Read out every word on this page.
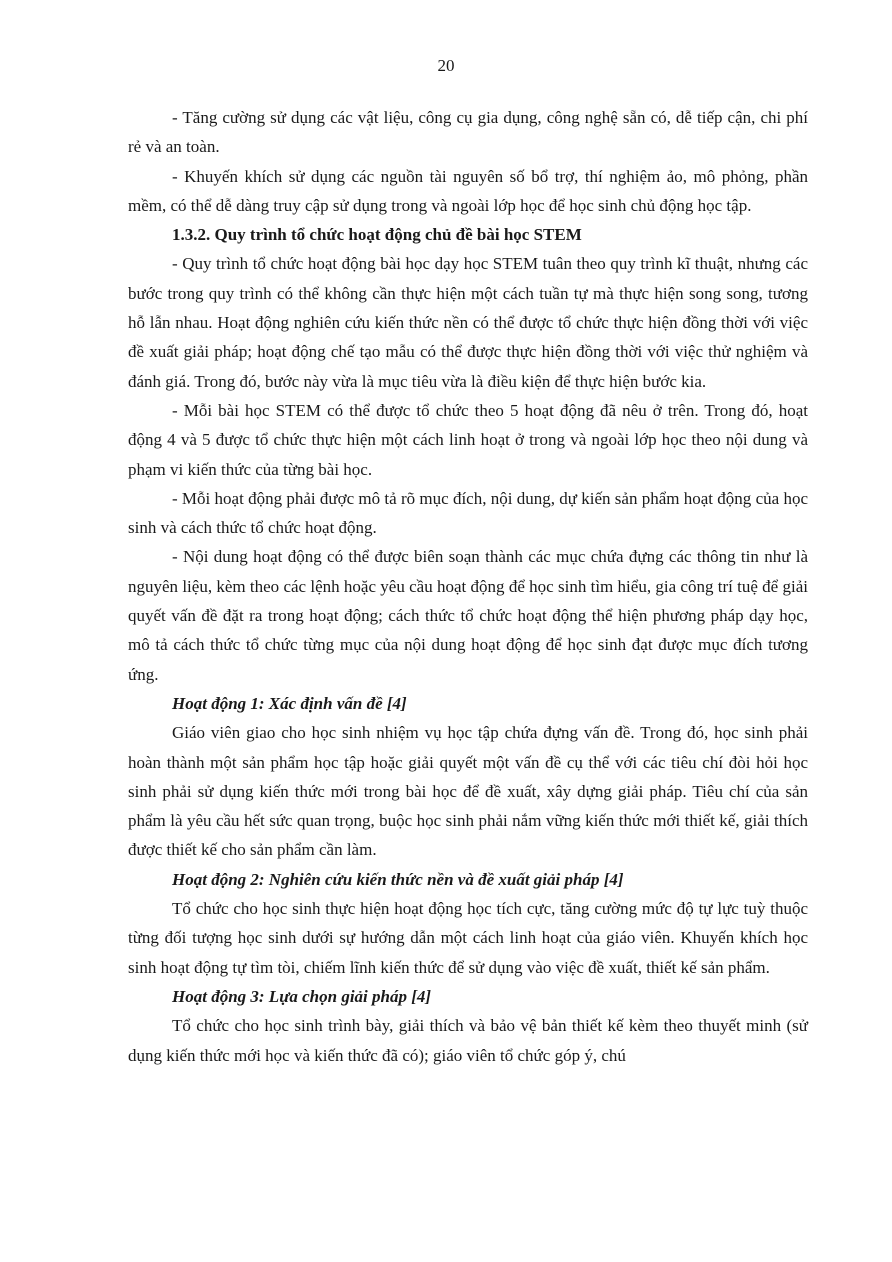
20

- Tăng cường sử dụng các vật liệu, công cụ gia dụng, công nghệ sẵn có, dễ tiếp cận, chi phí rẻ và an toàn.

- Khuyến khích sử dụng các nguồn tài nguyên số bổ trợ, thí nghiệm ảo, mô phỏng, phần mềm, có thể dễ dàng truy cập sử dụng trong và ngoài lớp học để học sinh chủ động học tập.

1.3.2. Quy trình tổ chức hoạt động chủ đề bài học STEM

- Quy trình tổ chức hoạt động bài học dạy học STEM tuân theo quy trình kĩ thuật, nhưng các bước trong quy trình có thể không cần thực hiện một cách tuần tự mà thực hiện song song, tương hỗ lẫn nhau. Hoạt động nghiên cứu kiến thức nền có thể được tổ chức thực hiện đồng thời với việc đề xuất giải pháp; hoạt động chế tạo mẫu có thể được thực hiện đồng thời với việc thử nghiệm và đánh giá. Trong đó, bước này vừa là mục tiêu vừa là điều kiện để thực hiện bước kia.

- Mỗi bài học STEM có thể được tổ chức theo 5 hoạt động đã nêu ở trên. Trong đó, hoạt động 4 và 5 được tổ chức thực hiện một cách linh hoạt ở trong và ngoài lớp học theo nội dung và phạm vi kiến thức của từng bài học.

- Mỗi hoạt động phải được mô tả rõ mục đích, nội dung, dự kiến sản phẩm hoạt động của học sinh và cách thức tổ chức hoạt động.

- Nội dung hoạt động có thể được biên soạn thành các mục chứa đựng các thông tin như là nguyên liệu, kèm theo các lệnh hoặc yêu cầu hoạt động để học sinh tìm hiểu, gia công trí tuệ để giải quyết vấn đề đặt ra trong hoạt động; cách thức tổ chức hoạt động thể hiện phương pháp dạy học, mô tả cách thức tổ chức từng mục của nội dung hoạt động để học sinh đạt được mục đích tương ứng.

Hoạt động 1: Xác định vấn đề [4]

Giáo viên giao cho học sinh nhiệm vụ học tập chứa đựng vấn đề. Trong đó, học sinh phải hoàn thành một sản phẩm học tập hoặc giải quyết một vấn đề cụ thể với các tiêu chí đòi hỏi học sinh phải sử dụng kiến thức mới trong bài học để đề xuất, xây dựng giải pháp. Tiêu chí của sản phẩm là yêu cầu hết sức quan trọng, buộc học sinh phải nắm vững kiến thức mới thiết kế, giải thích được thiết kế cho sản phẩm cần làm.

Hoạt động 2: Nghiên cứu kiến thức nền và đề xuất giải pháp [4]

Tổ chức cho học sinh thực hiện hoạt động học tích cực, tăng cường mức độ tự lực tuỳ thuộc từng đối tượng học sinh dưới sự hướng dẫn một cách linh hoạt của giáo viên. Khuyến khích học sinh hoạt động tự tìm tòi, chiếm lĩnh kiến thức để sử dụng vào việc đề xuất, thiết kế sản phẩm.

Hoạt động 3: Lựa chọn giải pháp [4]

Tổ chức cho học sinh trình bày, giải thích và bảo vệ bản thiết kế kèm theo thuyết minh (sử dụng kiến thức mới học và kiến thức đã có); giáo viên tổ chức góp ý, chú
